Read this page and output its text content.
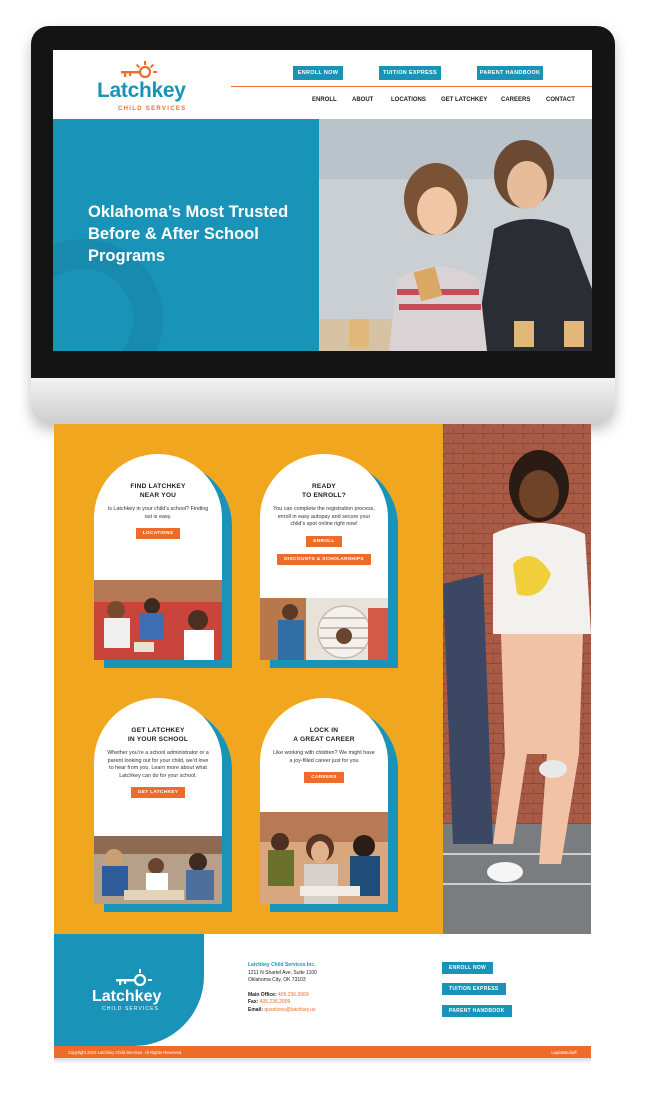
Latchkey
CHILD SERVICES
ENROLL NOW	TUITION EXPRESS	PARENT HANDBOOK
ENROLL	ABOUT	LOCATIONS	GET LATCHKEY CAREERS	CONTACT
Oklahoma’s Most Trusted Before & After School Programs
FIND LATCHKEY
NEAR YOU

Is Latchkey in your child’s school? Finding out is easy.

LOCATIONS
READY
TO ENROLL?

You can complete the registration process, enroll in easy autopay and secure your child’s spot online right now!

ENROLL
DISCOUNTS & SCHOLARSHIPS
GET LATCHKEY
IN YOUR SCHOOL

Whether you’re a school administrator or a parent looking out for your child, we’d love to hear from you. Learn more about what Latchkey can do for your school.

GET LATCHKEY
LOCK IN
A GREAT CAREER

Like working with children? We might have a joy-filled career just for you

CAREERS
Latchkey
CHILD SERVICES
Latchkey Child Services Inc.
1211 N Shartel Ave, Suite 1100
Oklahoma City, OK 73103
Main Office: 405.236.2069
Fax: 405.236.2009
Email: questions@latchkey.us
ENROLL NOW
TUITION EXPRESS
PARENT HANDBOOK
Copyright 2023 Latchkey Child Services. All Rights Reserved.	LiquidMedia®
